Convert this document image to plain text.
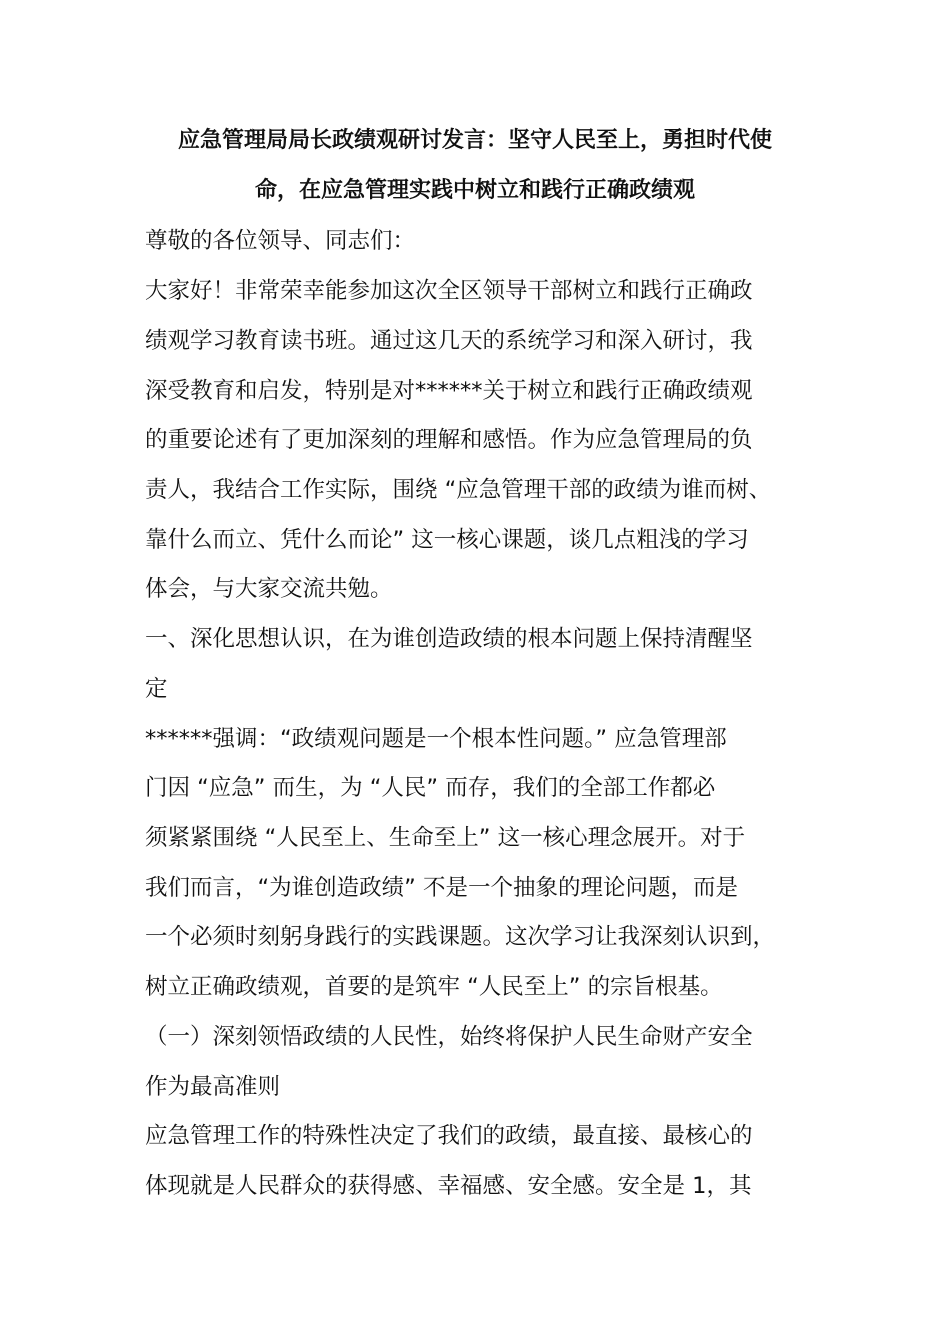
应急管理局局长政绩观研讨发言：坚守人民至上，勇担时代使
命，在应急管理实践中树立和践行正确政绩观
尊敬的各位领导、同志们：
大家好！非常荣幸能参加这次全区领导干部树立和践行正确政
绩观学习教育读书班。通过这几天的系统学习和深入研讨，我
深受教育和启发，特别是对******关于树立和践行正确政绩观
的重要论述有了更加深刻的理解和感悟。作为应急管理局的负
责人，我结合工作实际，围绕 “应急管理干部的政绩为谁而树、
靠什么而立、凭什么而论” 这一核心课题，谈几点粗浅的学习
体会，与大家交流共勉。
一、深化思想认识，在为谁创造政绩的根本问题上保持清醒坚
定
******强调：“政绩观问题是一个根本性问题。” 应急管理部
门因 “应急” 而生，为 “人民” 而存，我们的全部工作都必
须紧紧围绕 “人民至上、生命至上” 这一核心理念展开。对于
我们而言，“为谁创造政绩” 不是一个抽象的理论问题，而是
一个必须时刻躬身践行的实践课题。这次学习让我深刻认识到，
树立正确政绩观，首要的是筑牢 “人民至上” 的宗旨根基。
（一）深刻领悟政绩的人民性，始终将保护人民生命财产安全
作为最高准则
应急管理工作的特殊性决定了我们的政绩，最直接、最核心的
体现就是人民群众的获得感、幸福感、安全感。安全是 1，其
